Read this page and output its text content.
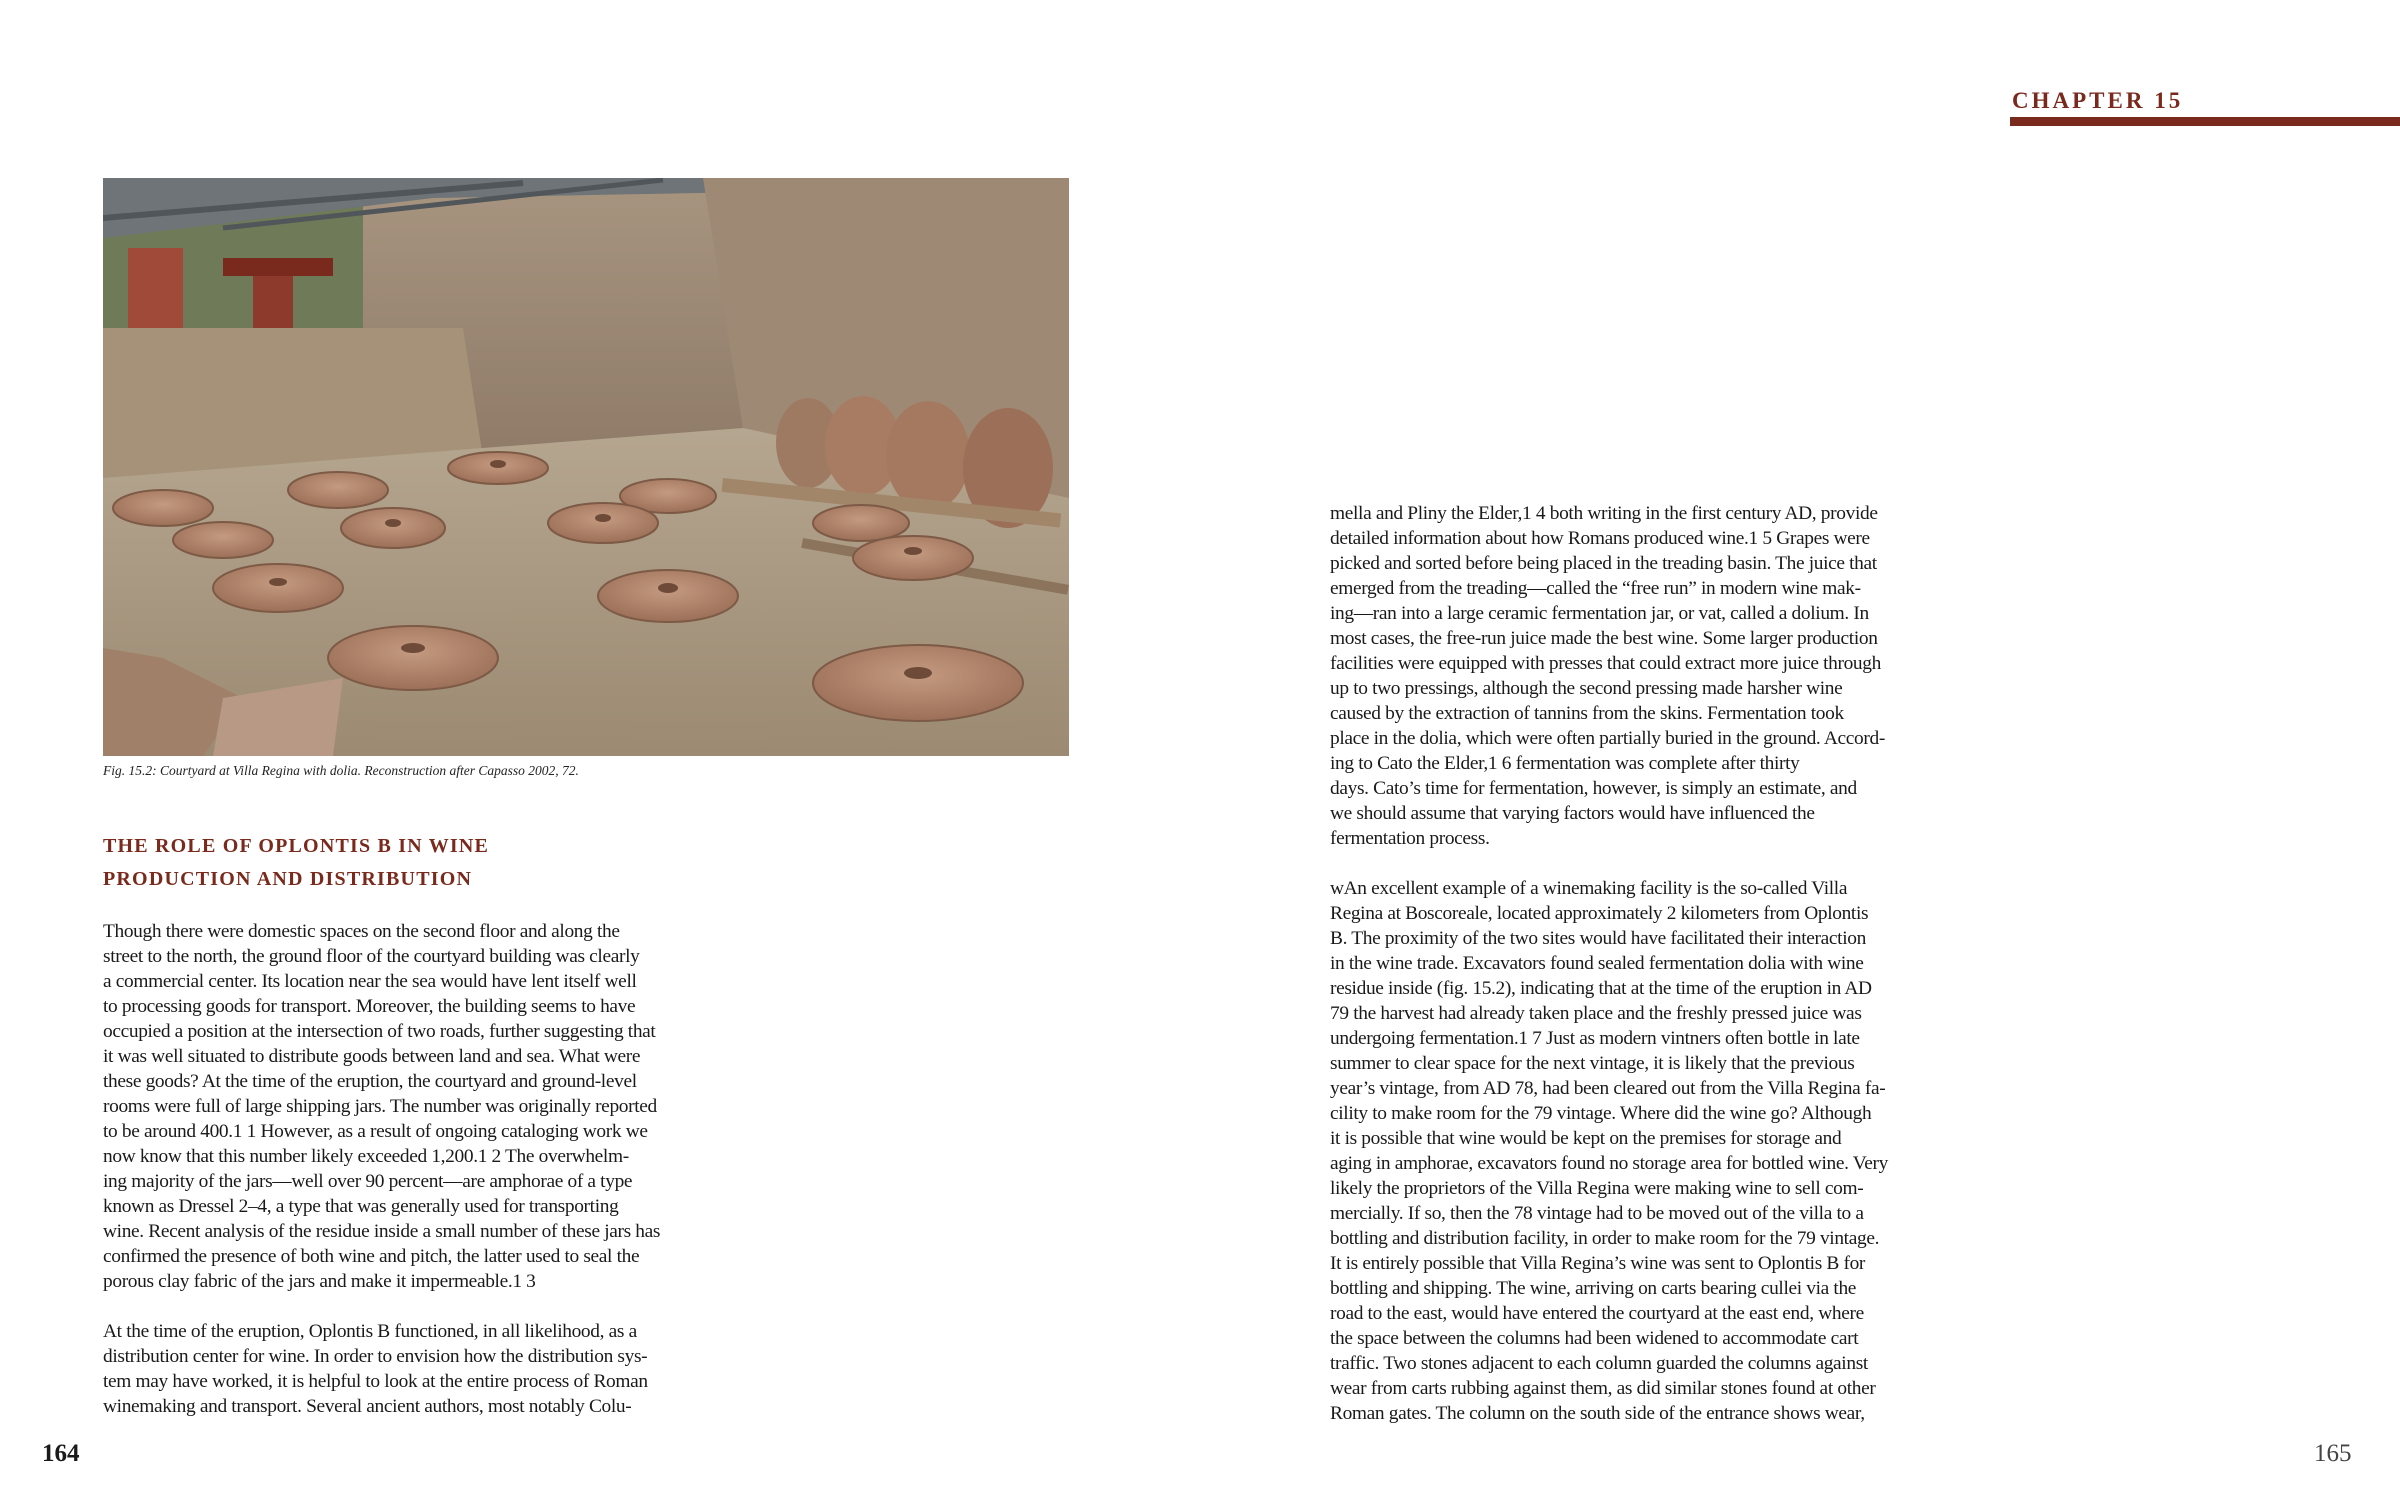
CHAPTER 15
Fig. 15.2: Courtyard at Villa Regina with dolia. Reconstruction after Capasso 2002, 72.
THE ROLE OF OPLONTIS B IN WINE
PRODUCTION AND DISTRIBUTION
Though there were domestic spaces on the second floor and along the
street to the north, the ground floor of the courtyard building was clearly
a commercial center. Its location near the sea would have lent itself well
to processing goods for transport. Moreover, the building seems to have
occupied a position at the intersection of two roads, further suggesting that
it was well situated to distribute goods between land and sea. What were
these goods? At the time of the eruption, the courtyard and ground-level
rooms were full of large shipping jars. The number was originally reported
to be around 400.1 1 However, as a result of ongoing cataloging work we
now know that this number likely exceeded 1,200.1 2 The overwhelm-
ing majority of the jars—well over 90 percent—are amphorae of a type
known as Dressel 2–4, a type that was generally used for transporting
wine. Recent analysis of the residue inside a small number of these jars has
confirmed the presence of both wine and pitch, the latter used to seal the
porous clay fabric of the jars and make it impermeable.1 3
At the time of the eruption, Oplontis B functioned, in all likelihood, as a
distribution center for wine. In order to envision how the distribution sys-
tem may have worked, it is helpful to look at the entire process of Roman
winemaking and transport. Several ancient authors, most notably Colu-
mella and Pliny the Elder,1 4 both writing in the first century AD, provide
detailed information about how Romans produced wine.1 5 Grapes were
picked and sorted before being placed in the treading basin. The juice that
emerged from the treading—called the “free run” in modern wine mak-
ing—ran into a large ceramic fermentation jar, or vat, called a dolium. In
most cases, the free-run juice made the best wine. Some larger production
facilities were equipped with presses that could extract more juice through
up to two pressings, although the second pressing made harsher wine
caused by the extraction of tannins from the skins. Fermentation took
place in the dolia, which were often partially buried in the ground. Accord-
ing to Cato the Elder,1 6 fermentation was complete after thirty
days. Cato’s time for fermentation, however, is simply an estimate, and
we should assume that varying factors would have influenced the
fermentation process.
wAn excellent example of a winemaking facility is the so-called Villa
Regina at Boscoreale, located approximately 2 kilometers from Oplontis
B. The proximity of the two sites would have facilitated their interaction
in the wine trade. Excavators found sealed fermentation dolia with wine
residue inside (fig. 15.2), indicating that at the time of the eruption in AD
79 the harvest had already taken place and the freshly pressed juice was
undergoing fermentation.1 7 Just as modern vintners often bottle in late
summer to clear space for the next vintage, it is likely that the previous
year’s vintage, from AD 78, had been cleared out from the Villa Regina fa-
cility to make room for the 79 vintage. Where did the wine go? Although
it is possible that wine would be kept on the premises for storage and
aging in amphorae, excavators found no storage area for bottled wine. Very
likely the proprietors of the Villa Regina were making wine to sell com-
mercially. If so, then the 78 vintage had to be moved out of the villa to a
bottling and distribution facility, in order to make room for the 79 vintage.
It is entirely possible that Villa Regina’s wine was sent to Oplontis B for
bottling and shipping. The wine, arriving on carts bearing cullei via the
road to the east, would have entered the courtyard at the east end, where
the space between the columns had been widened to accommodate cart
traffic. Two stones adjacent to each column guarded the columns against
wear from carts rubbing against them, as did similar stones found at other
Roman gates. The column on the south side of the entrance shows wear,
164	165
